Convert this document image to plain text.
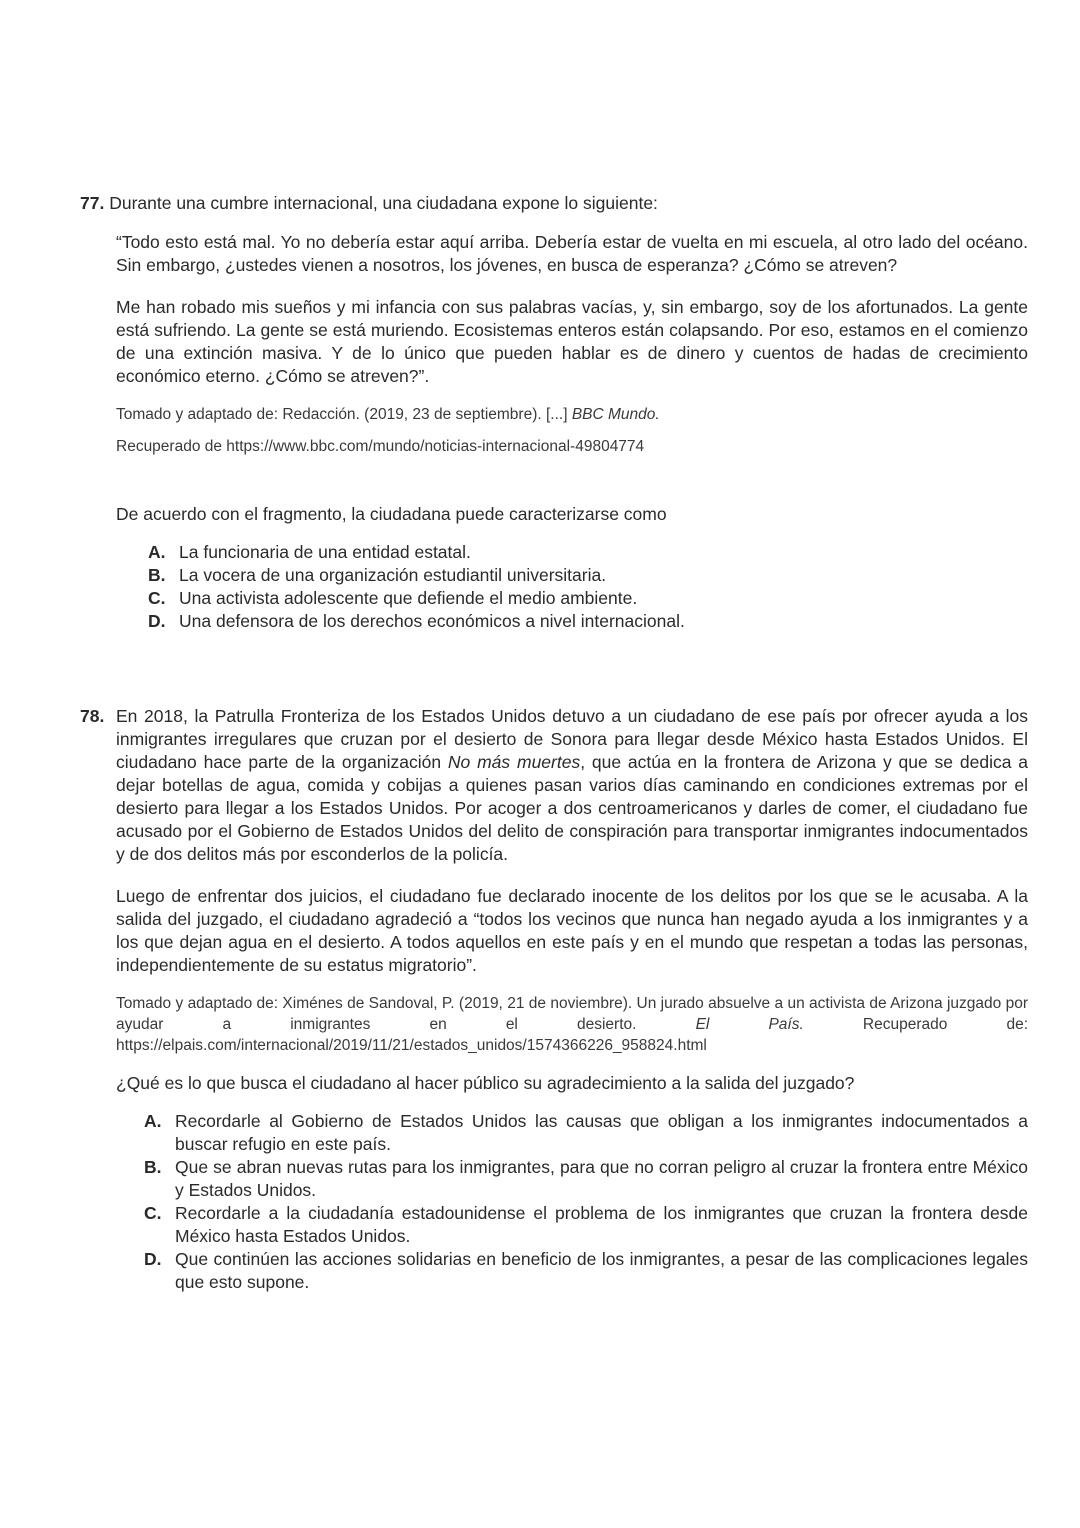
77. Durante una cumbre internacional, una ciudadana expone lo siguiente:

“Todo esto está mal. Yo no debería estar aquí arriba. Debería estar de vuelta en mi escuela, al otro lado del océano. Sin embargo, ¿ustedes vienen a nosotros, los jóvenes, en busca de esperanza? ¿Cómo se atreven?

Me han robado mis sueños y mi infancia con sus palabras vacías, y, sin embargo, soy de los afortunados. La gente está sufriendo. La gente se está muriendo. Ecosistemas enteros están colapsando. Por eso, estamos en el comienzo de una extinción masiva. Y de lo único que pueden hablar es de dinero y cuentos de hadas de crecimiento económico eterno. ¿Cómo se atreven?”.

Tomado y adaptado de: Redacción. (2019, 23 de septiembre). [...] BBC Mundo.

Recuperado de https://www.bbc.com/mundo/noticias-internacional-49804774

De acuerdo con el fragmento, la ciudadana puede caracterizarse como

A. La funcionaria de una entidad estatal.
B. La vocera de una organización estudiantil universitaria.
C. Una activista adolescente que defiende el medio ambiente.
D. Una defensora de los derechos económicos a nivel internacional.
78. En 2018, la Patrulla Fronteriza de los Estados Unidos detuvo a un ciudadano de ese país por ofrecer ayuda a los inmigrantes irregulares que cruzan por el desierto de Sonora para llegar desde México hasta Estados Unidos. El ciudadano hace parte de la organización No más muertes, que actúa en la frontera de Arizona y que se dedica a dejar botellas de agua, comida y cobijas a quienes pasan varios días caminando en condiciones extremas por el desierto para llegar a los Estados Unidos. Por acoger a dos centroamericanos y darles de comer, el ciudadano fue acusado por el Gobierno de Estados Unidos del delito de conspiración para transportar inmigrantes indocumentados y de dos delitos más por esconderlos de la policía.

Luego de enfrentar dos juicios, el ciudadano fue declarado inocente de los delitos por los que se le acusaba. A la salida del juzgado, el ciudadano agradeció a “todos los vecinos que nunca han negado ayuda a los inmigrantes y a los que dejan agua en el desierto. A todos aquellos en este país y en el mundo que respetan a todas las personas, independientemente de su estatus migratorio”.

Tomado y adaptado de: Ximénes de Sandoval, P. (2019, 21 de noviembre). Un jurado absuelve a un activista de Arizona juzgado por ayudar a inmigrantes en el desierto. El País. Recuperado de: https://elpais.com/internacional/2019/11/21/estados_unidos/1574366226_958824.html

¿Qué es lo que busca el ciudadano al hacer público su agradecimiento a la salida del juzgado?

A. Recordarle al Gobierno de Estados Unidos las causas que obligan a los inmigrantes indocumentados a buscar refugio en este país.
B. Que se abran nuevas rutas para los inmigrantes, para que no corran peligro al cruzar la frontera entre México y Estados Unidos.
C. Recordarle a la ciudadanía estadounidense el problema de los inmigrantes que cruzan la frontera desde México hasta Estados Unidos.
D. Que continúen las acciones solidarias en beneficio de los inmigrantes, a pesar de las complicaciones legales que esto supone.
